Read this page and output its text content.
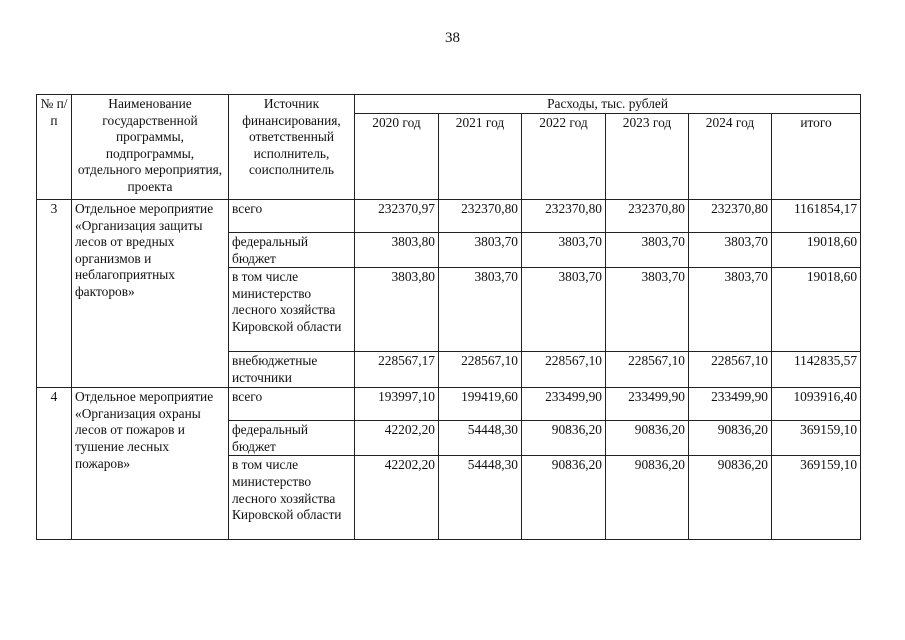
38
№ п/п	Наименование государственной программы, подпрограммы, отдельного мероприятия, проекта	Источник финансирования, ответственный исполнитель, соисполнитель	Расходы, тыс. рублей					
			2020 год	2021 год	2022 год	2023 год	2024 год	итого
3	Отдельное мероприятие «Организация защиты лесов от вредных организмов и неблагоприятных факторов»	всего	232370,97	232370,80	232370,80	232370,80	232370,80	1161854,17
		федеральный бюджет	3803,80	3803,70	3803,70	3803,70	3803,70	19018,60
		в том числе министерство лесного хозяйства Кировской области	3803,80	3803,70	3803,70	3803,70	3803,70	19018,60
		внебюджетные источники	228567,17	228567,10	228567,10	228567,10	228567,10	1142835,57
4	Отдельное мероприятие «Организация охраны лесов от пожаров и тушение лесных пожаров»	всего	193997,10	199419,60	233499,90	233499,90	233499,90	1093916,40
		федеральный бюджет	42202,20	54448,30	90836,20	90836,20	90836,20	369159,10
		в том числе министерство лесного хозяйства Кировской области	42202,20	54448,30	90836,20	90836,20	90836,20	369159,10
